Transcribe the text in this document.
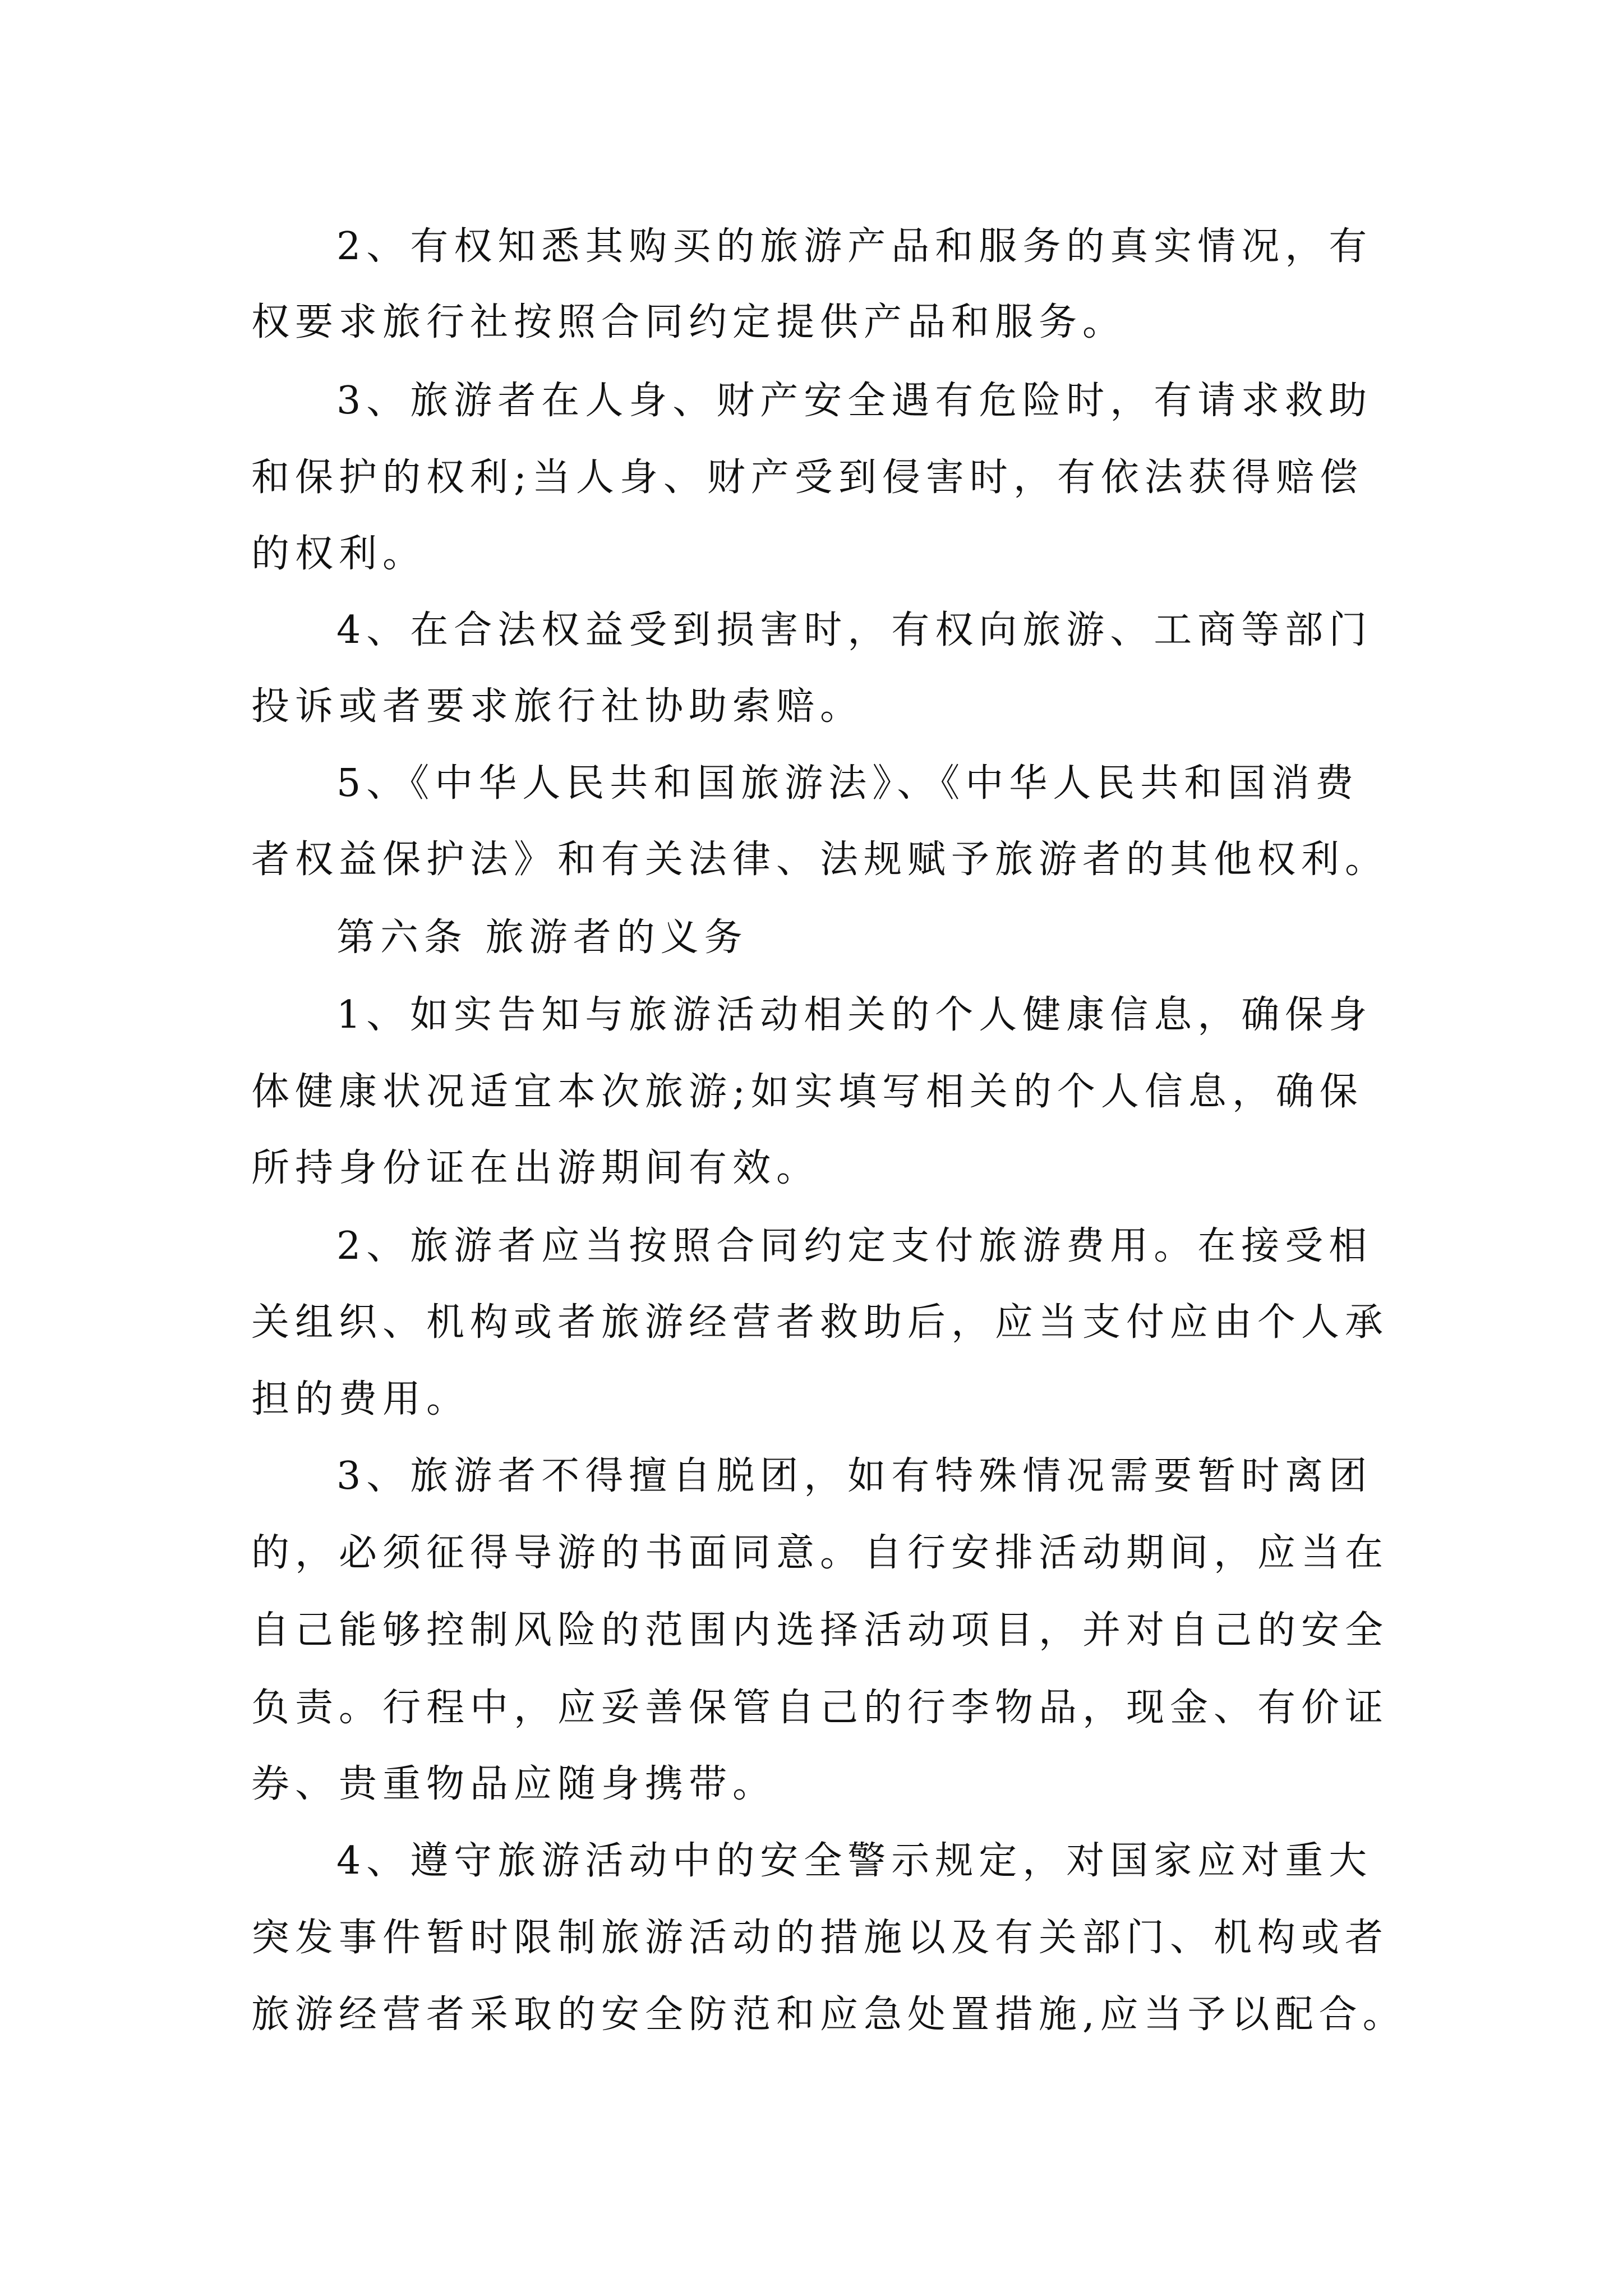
2、有权知悉其购买的旅游产品和服务的真实情况，有
权要求旅行社按照合同约定提供产品和服务。
3、旅游者在人身、财产安全遇有危险时，有请求救助
和保护的权利;当人身、财产受到侵害时，有依法获得赔偿
的权利。
4、在合法权益受到损害时，有权向旅游、工商等部门
投诉或者要求旅行社协助索赔。
5、《中华人民共和国旅游法》、《中华人民共和国消费
者权益保护法》和有关法律、法规赋予旅游者的其他权利。
第六条 旅游者的义务
1、如实告知与旅游活动相关的个人健康信息，确保身
体健康状况适宜本次旅游;如实填写相关的个人信息，确保
所持身份证在出游期间有效。
2、旅游者应当按照合同约定支付旅游费用。在接受相
关组织、机构或者旅游经营者救助后，应当支付应由个人承
担的费用。
3、旅游者不得擅自脱团，如有特殊情况需要暂时离团
的，必须征得导游的书面同意。自行安排活动期间，应当在
自己能够控制风险的范围内选择活动项目，并对自己的安全
负责。行程中，应妥善保管自己的行李物品，现金、有价证
券、贵重物品应随身携带。
4、遵守旅游活动中的安全警示规定，对国家应对重大
突发事件暂时限制旅游活动的措施以及有关部门、机构或者
旅游经营者采取的安全防范和应急处置措施,应当予以配合。
